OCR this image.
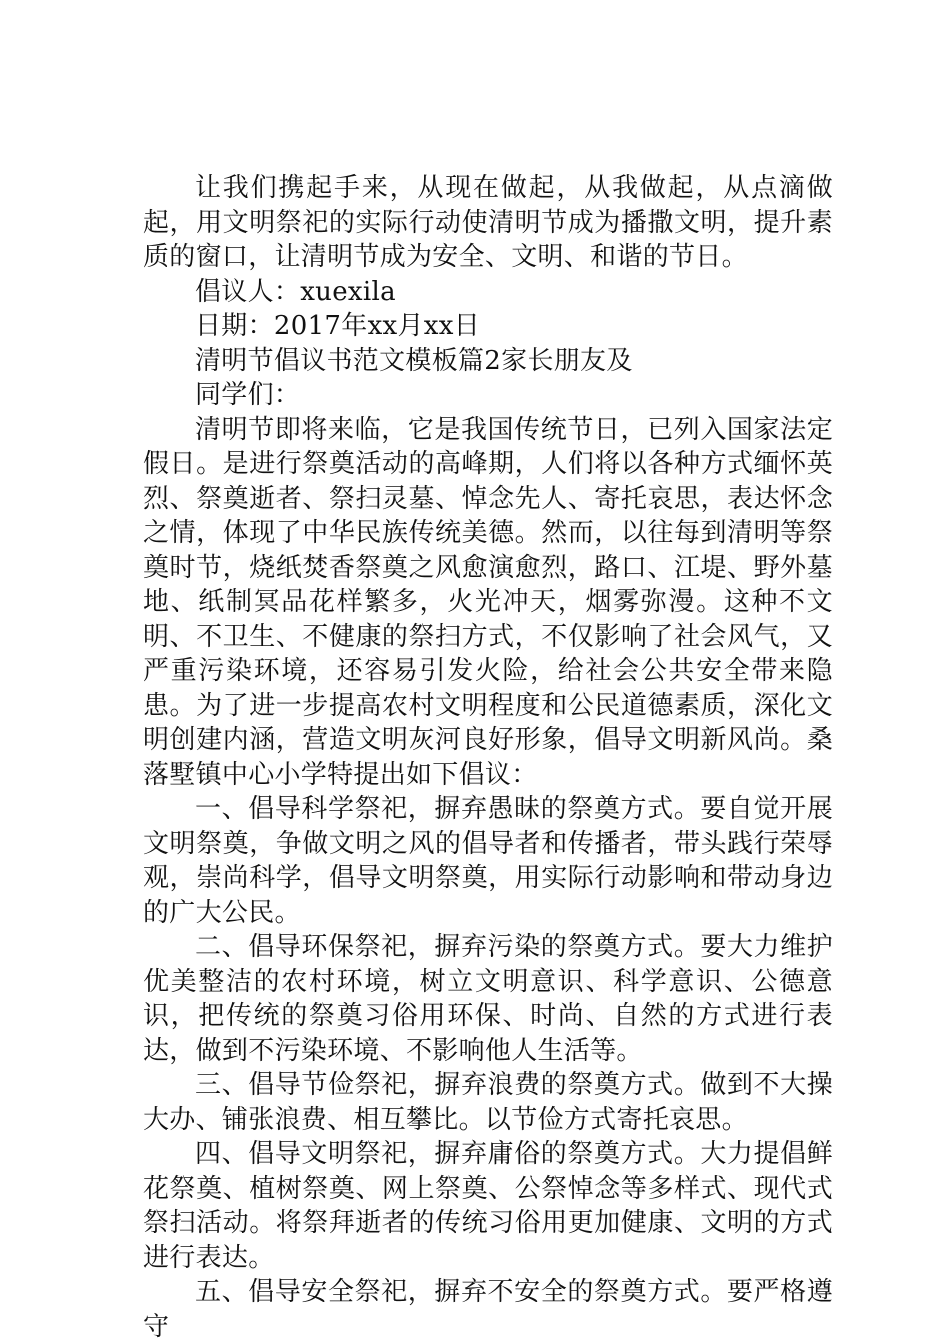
让我们携起手来，从现在做起，从我做起，从点滴做起，用文明祭祀的实际行动使清明节成为播撒文明，提升素质的窗口，让清明节成为安全、文明、和谐的节日。

倡议人：xuexila

日期：2017年xx月xx日

清明节倡议书范文模板篇2家长朋友及

同学们：

清明节即将来临，它是我国传统节日，已列入国家法定假日。是进行祭奠活动的高峰期，人们将以各种方式缅怀英烈、祭奠逝者、祭扫灵墓、悼念先人、寄托哀思，表达怀念之情，体现了中华民族传统美德。然而，以往每到清明等祭奠时节，烧纸焚香祭奠之风愈演愈烈，路口、江堤、野外墓地、纸制冥品花样繁多，火光冲天，烟雾弥漫。这种不文明、不卫生、不健康的祭扫方式，不仅影响了社会风气，又严重污染环境，还容易引发火险，给社会公共安全带来隐患。为了进一步提高农村文明程度和公民道德素质，深化文明创建内涵，营造文明灰河良好形象，倡导文明新风尚。桑落墅镇中心小学特提出如下倡议：

一、倡导科学祭祀，摒弃愚昧的祭奠方式。要自觉开展文明祭奠，争做文明之风的倡导者和传播者，带头践行荣辱观，崇尚科学，倡导文明祭奠，用实际行动影响和带动身边的广大公民。

二、倡导环保祭祀，摒弃污染的祭奠方式。要大力维护优美整洁的农村环境，树立文明意识、科学意识、公德意识，把传统的祭奠习俗用环保、时尚、自然的方式进行表达，做到不污染环境、不影响他人生活等。

三、倡导节俭祭祀，摒弃浪费的祭奠方式。做到不大操大办、铺张浪费、相互攀比。以节俭方式寄托哀思。

四、倡导文明祭祀，摒弃庸俗的祭奠方式。大力提倡鲜花祭奠、植树祭奠、网上祭奠、公祭悼念等多样式、现代式祭扫活动。将祭拜逝者的传统习俗用更加健康、文明的方式进行表达。

五、倡导安全祭祀，摒弃不安全的祭奠方式。要严格遵守
